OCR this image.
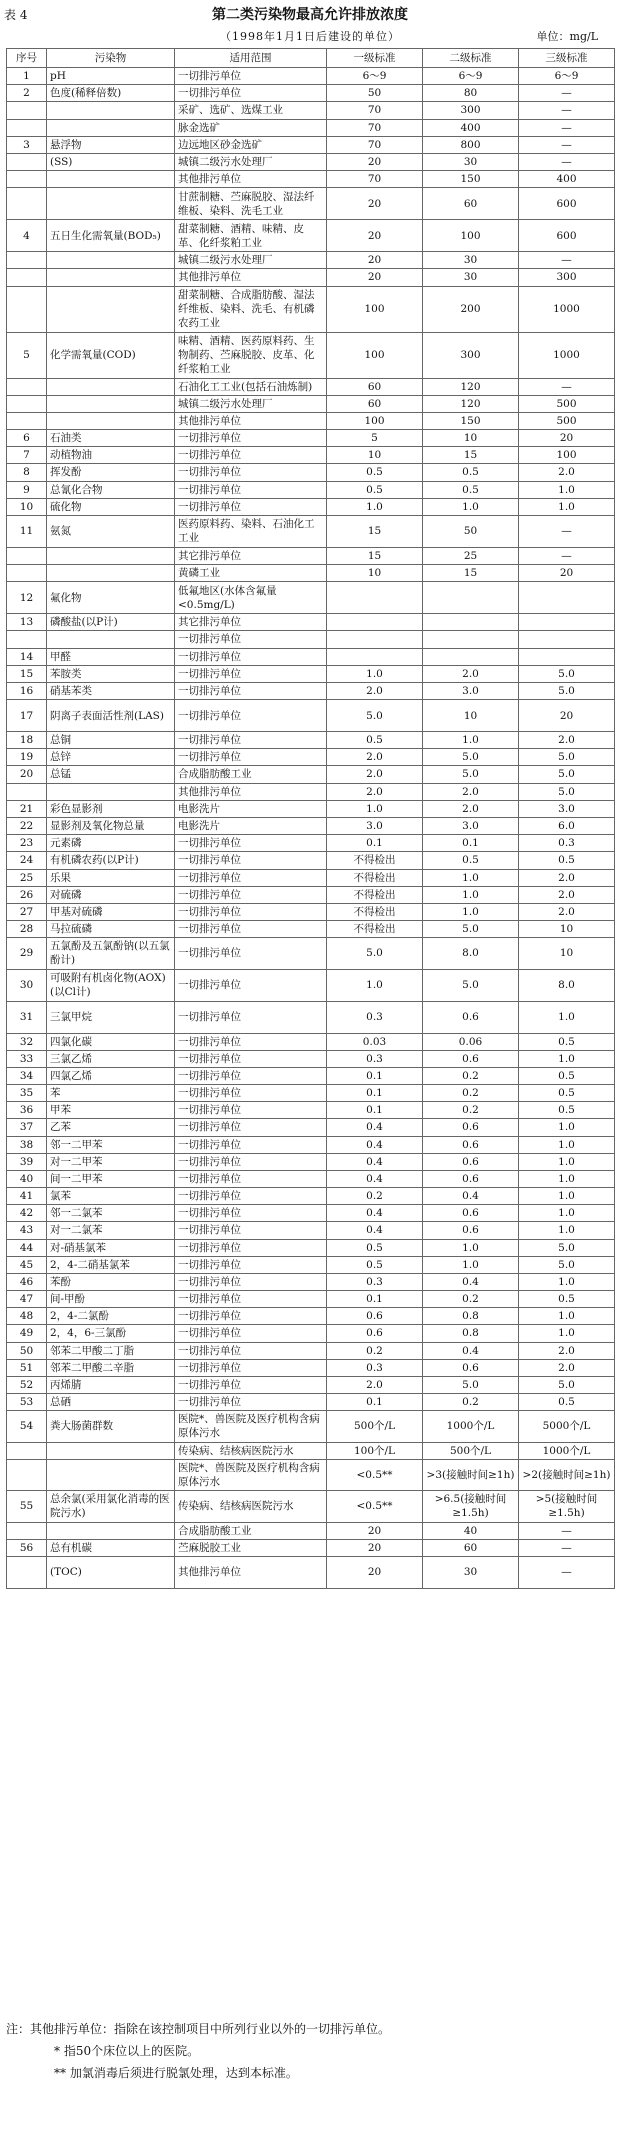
表 4	第二类污染物最高允许排放浓度
（1998年1月1日后建设的单位）	单位：mg/L
序号	污染物	适用范围	一级标准	二级标准	三级标准
1	pH	一切排污单位	6～9	6～9	6～9
2	色度(稀释倍数)	一切排污单位	50	80	—
		采矿、选矿、选煤工业	70	300	—
		脉金选矿	70	400	—
3	悬浮物	边远地区砂金选矿	70	800	—
	(SS)	城镇二级污水处理厂	20	30	—
		其他排污单位	70	150	400
		甘蔗制糖、苎麻脱胶、湿法纤维板、染料、洗毛工业	20	60	600
4	五日生化需氧量(BOD₅)	甜菜制糖、酒精、味精、皮革、化纤浆粕工业	20	100	600
		城镇二级污水处理厂	20	30	—
		其他排污单位	20	30	300
		甜菜制糖、合成脂肪酸、湿法纤维板、染料、洗毛、有机磷农药工业	100	200	1000
5	化学需氧量(COD)	味精、酒精、医药原料药、生物制药、苎麻脱胶、皮革、化纤浆粕工业	100	300	1000
		石油化工工业(包括石油炼制)	60	120	—
		城镇二级污水处理厂	60	120	500
		其他排污单位	100	150	500
6	石油类	一切排污单位	5	10	20
7	动植物油	一切排污单位	10	15	100
8	挥发酚	一切排污单位	0.5	0.5	2.0
9	总氰化合物	一切排污单位	0.5	0.5	1.0
10	硫化物	一切排污单位	1.0	1.0	1.0
11	氨氮	医药原料药、染料、石油化工工业	15	50	—
		其它排污单位	15	25	—
		黄磷工业	10	15	20
12	氟化物	低氟地区(水体含氟量<0.5mg/L)			
13	磷酸盐(以P计)	其它排污单位			
		一切排污单位			
14	甲醛	一切排污单位			
15	苯胺类	一切排污单位	1.0	2.0	5.0
16	硝基苯类	一切排污单位	2.0	3.0	5.0
17	阴离子表面活性剂(LAS)	一切排污单位	5.0	10	20
18	总铜	一切排污单位	0.5	1.0	2.0
19	总锌	一切排污单位	2.0	5.0	5.0
20	总锰	合成脂肪酸工业	2.0	5.0	5.0
		其他排污单位	2.0	2.0	5.0
21	彩色显影剂	电影洗片	1.0	2.0	3.0
22	显影剂及氧化物总量	电影洗片	3.0	3.0	6.0
23	元素磷	一切排污单位	0.1	0.1	0.3
24	有机磷农药(以P计)	一切排污单位	不得检出	0.5	0.5
25	乐果	一切排污单位	不得检出	1.0	2.0
26	对硫磷	一切排污单位	不得检出	1.0	2.0
27	甲基对硫磷	一切排污单位	不得检出	1.0	2.0
28	马拉硫磷	一切排污单位	不得检出	5.0	10
29	五氯酚及五氯酚钠(以五氯酚计)	一切排污单位	5.0	8.0	10
30	可吸附有机卤化物(AOX)(以Cl计)	一切排污单位	1.0	5.0	8.0
31	三氯甲烷	一切排污单位	0.3	0.6	1.0
32	四氯化碳	一切排污单位	0.03	0.06	0.5
33	三氯乙烯	一切排污单位	0.3	0.6	1.0
34	四氯乙烯	一切排污单位	0.1	0.2	0.5
35	苯	一切排污单位	0.1	0.2	0.5
36	甲苯	一切排污单位	0.1	0.2	0.5
37	乙苯	一切排污单位	0.4	0.6	1.0
38	邻一二甲苯	一切排污单位	0.4	0.6	1.0
39	对一二甲苯	一切排污单位	0.4	0.6	1.0
40	间一二甲苯	一切排污单位	0.4	0.6	1.0
41	氯苯	一切排污单位	0.2	0.4	1.0
42	邻一二氯苯	一切排污单位	0.4	0.6	1.0
43	对一二氯苯	一切排污单位	0.4	0.6	1.0
44	对-硝基氯苯	一切排污单位	0.5	1.0	5.0
45	2，4-二硝基氯苯	一切排污单位	0.5	1.0	5.0
46	苯酚	一切排污单位	0.3	0.4	1.0
47	间-甲酚	一切排污单位	0.1	0.2	0.5
48	2，4-二氯酚	一切排污单位	0.6	0.8	1.0
49	2，4，6-三氯酚	一切排污单位	0.6	0.8	1.0
50	邻苯二甲酸二丁脂	一切排污单位	0.2	0.4	2.0
51	邻苯二甲酸二辛脂	一切排污单位	0.3	0.6	2.0
52	丙烯腈	一切排污单位	2.0	5.0	5.0
53	总硒	一切排污单位	0.1	0.2	0.5
54	粪大肠菌群数	医院*、兽医院及医疗机构含病原体污水	500个/L	1000个/L	5000个/L
		传染病、结核病医院污水	100个/L	500个/L	1000个/L
		医院*、兽医院及医疗机构含病原体污水	<0.5**	>3(接触时间≥1h)	>2(接触时间≥1h)
55	总余氯(采用氯化消毒的医院污水)	传染病、结核病医院污水	<0.5**	>6.5(接触时间≥1.5h)	>5(接触时间≥1.5h)
		合成脂肪酸工业	20	40	—
56	总有机碳	苎麻脱胶工业	20	60	—
	(TOC)	其他排污单位	20	30	—
注：其他排污单位：指除在该控制项目中所列行业以外的一切排污单位。
* 指50个床位以上的医院。
** 加氯消毒后须进行脱氯处理，达到本标准。
